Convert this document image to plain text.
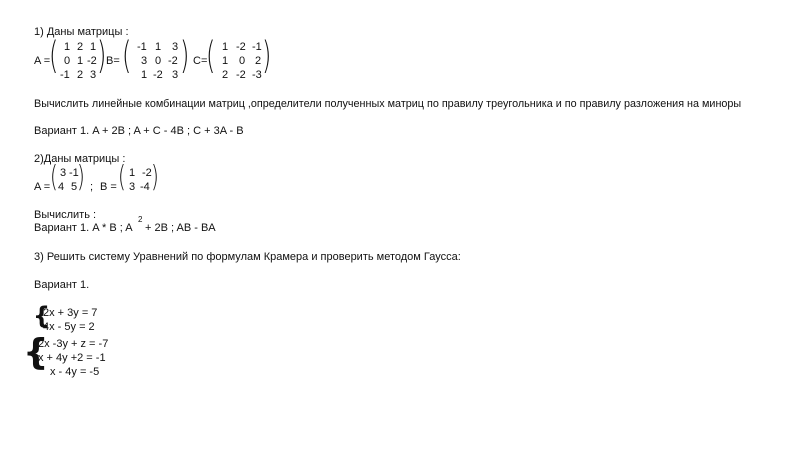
1) Даны матрицы :
A =
( 1 2 1
0 1 -2
-1 2 3 ) B= ( -1 1 3
3 0 -2
1 -2 3 ) C=
( 1 -2 -1
1 0 2
2 -2 -3 )
Вычислить линейные комбинации матриц ,определители полученных матриц по правилу треугольника и по правилу разложения на миноры
Вариант 1. A + 2B ; A + C - 4B ; C + 3A - B
2)Даны матрицы :
A = ( 3 -1
4 5 ) ; B = ( 1 -2
3 -4 )
Вычислить :
Вариант 1. A * B ; A
2
+ 2B ; AB - BA
3) Решить систему Уравнений по формулам Крамера и проверить методом Гаусса:
Вариант 1.
{
2x + 3y = 7
4x - 5y = 2
{
2x -3y + z = -7
x + 4y +2 = -1
x - 4y = -5
